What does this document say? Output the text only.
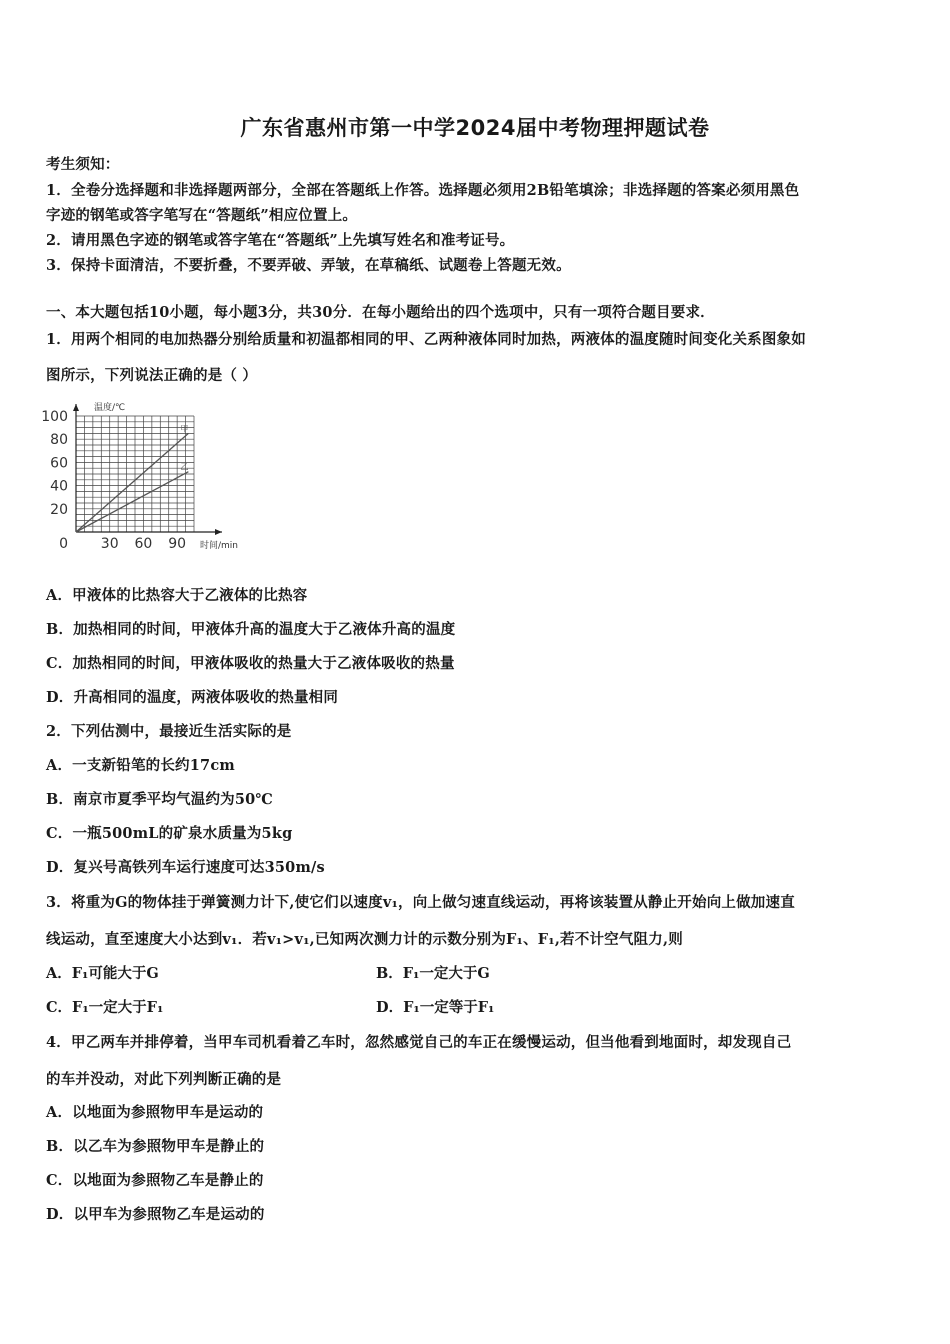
广东省惠州市第一中学2024届中考物理押题试卷
考生须知：
1．全卷分选择题和非选择题两部分，全部在答题纸上作答。选择题必须用2B铅笔填涂；非选择题的答案必须用黑色
字迹的钢笔或答字笔写在“答题纸”相应位置上。
2．请用黑色字迹的钢笔或答字笔在“答题纸”上先填写姓名和准考证号。
3．保持卡面清洁，不要折叠，不要弄破、弄皱，在草稿纸、试题卷上答题无效。
一、本大题包括10小题，每小题3分，共30分．在每小题给出的四个选项中，只有一项符合题目要求．
1．用两个相同的电加热器分别给质量和初温都相同的甲、乙两种液体同时加热，两液体的温度随时间变化关系图象如
图所示，下列说法正确的是（ ）
20
40
60
80
100
0 30 60 90 时间/min
温度/℃
甲
乙
A．甲液体的比热容大于乙液体的比热容
B．加热相同的时间，甲液体升高的温度大于乙液体升高的温度
C．加热相同的时间，甲液体吸收的热量大于乙液体吸收的热量
D．升高相同的温度，两液体吸收的热量相同
2．下列估测中，最接近生活实际的是
A．一支新铅笔的长约17cm
B．南京市夏季平均气温约为50℃
C．一瓶500mL的矿泉水质量为5kg
D．复兴号高铁列车运行速度可达350m/s
3．将重为G的物体挂于弹簧测力计下,使它们以速度v₁，向上做匀速直线运动，再将该装置从静止开始向上做加速直
线运动，直至速度大小达到v₁．若v₁>v₁,已知两次测力计的示数分别为F₁、F₁,若不计空气阻力,则
A．F₁可能大于G	B．F₁一定大于G
C．F₁一定大于F₁	D．F₁一定等于F₁
4．甲乙两车并排停着，当甲车司机看着乙车时，忽然感觉自己的车正在缓慢运动，但当他看到地面时，却发现自己
的车并没动，对此下列判断正确的是
A．以地面为参照物甲车是运动的
B．以乙车为参照物甲车是静止的
C．以地面为参照物乙车是静止的
D．以甲车为参照物乙车是运动的
